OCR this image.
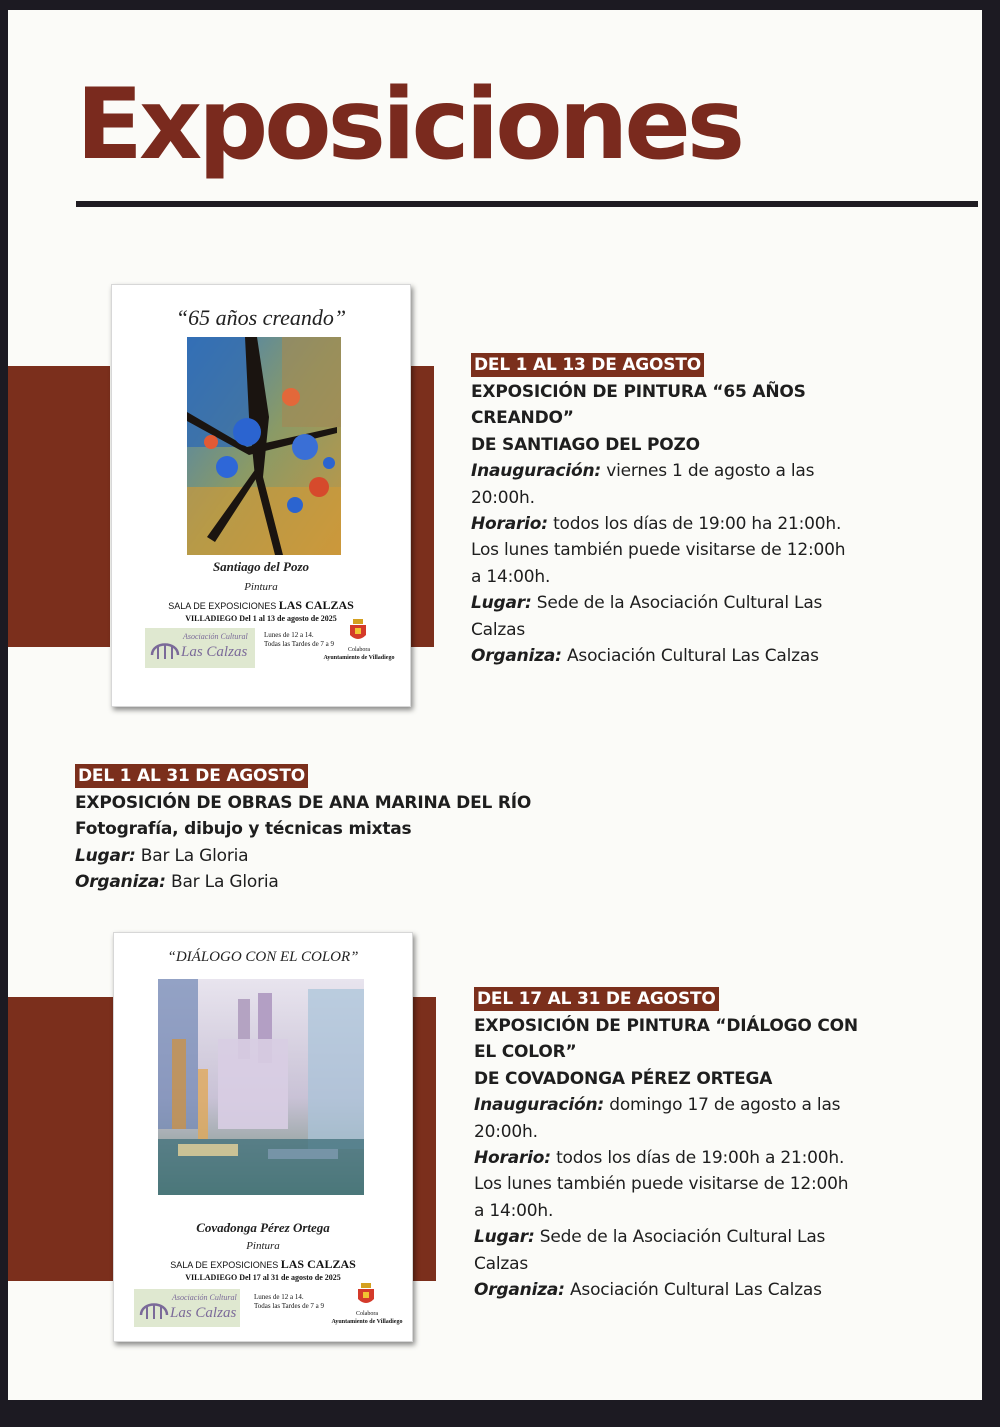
Exposiciones
“65 años creando”
Santiago del Pozo
Pintura
SALA DE EXPOSICIONES LAS CALZAS
VILLADIEGO Del 1 al 13 de agosto de 2025
Asociación Cultural
Las Calzas
Lunes de 12 a 14.
Todas las Tardes de 7 a 9
Colabora
Ayuntamiento de Villadiego
DEL 1 AL 13 DE AGOSTO
EXPOSICIÓN DE PINTURA “65 AÑOS
CREANDO”
DE SANTIAGO DEL POZO
Inauguración: viernes 1 de agosto a las
20:00h.
Horario: todos los días de 19:00 ha 21:00h.
Los lunes también puede visitarse de 12:00h
a 14:00h.
Lugar: Sede de la Asociación Cultural Las
Calzas
Organiza: Asociación Cultural Las Calzas
DEL 1 AL 31 DE AGOSTO
EXPOSICIÓN DE OBRAS DE ANA MARINA DEL RÍO
Fotografía, dibujo y técnicas mixtas
Lugar: Bar La Gloria
Organiza: Bar La Gloria
“DIÁLOGO CON EL COLOR”
Covadonga Pérez Ortega
Pintura
SALA DE EXPOSICIONES LAS CALZAS
VILLADIEGO Del 17 al 31 de agosto de 2025
Asociación Cultural
Las Calzas
Lunes de 12 a 14.
Todas las Tardes de 7 a 9
Colabora
Ayuntamiento de Villadiego
DEL 17 AL 31 DE AGOSTO
EXPOSICIÓN DE PINTURA “DIÁLOGO CON
EL COLOR”
DE COVADONGA PÉREZ ORTEGA
Inauguración: domingo 17 de agosto a las
20:00h.
Horario: todos los días de 19:00h a 21:00h.
Los lunes también puede visitarse de 12:00h
a 14:00h.
Lugar: Sede de la Asociación Cultural Las
Calzas
Organiza: Asociación Cultural Las Calzas
